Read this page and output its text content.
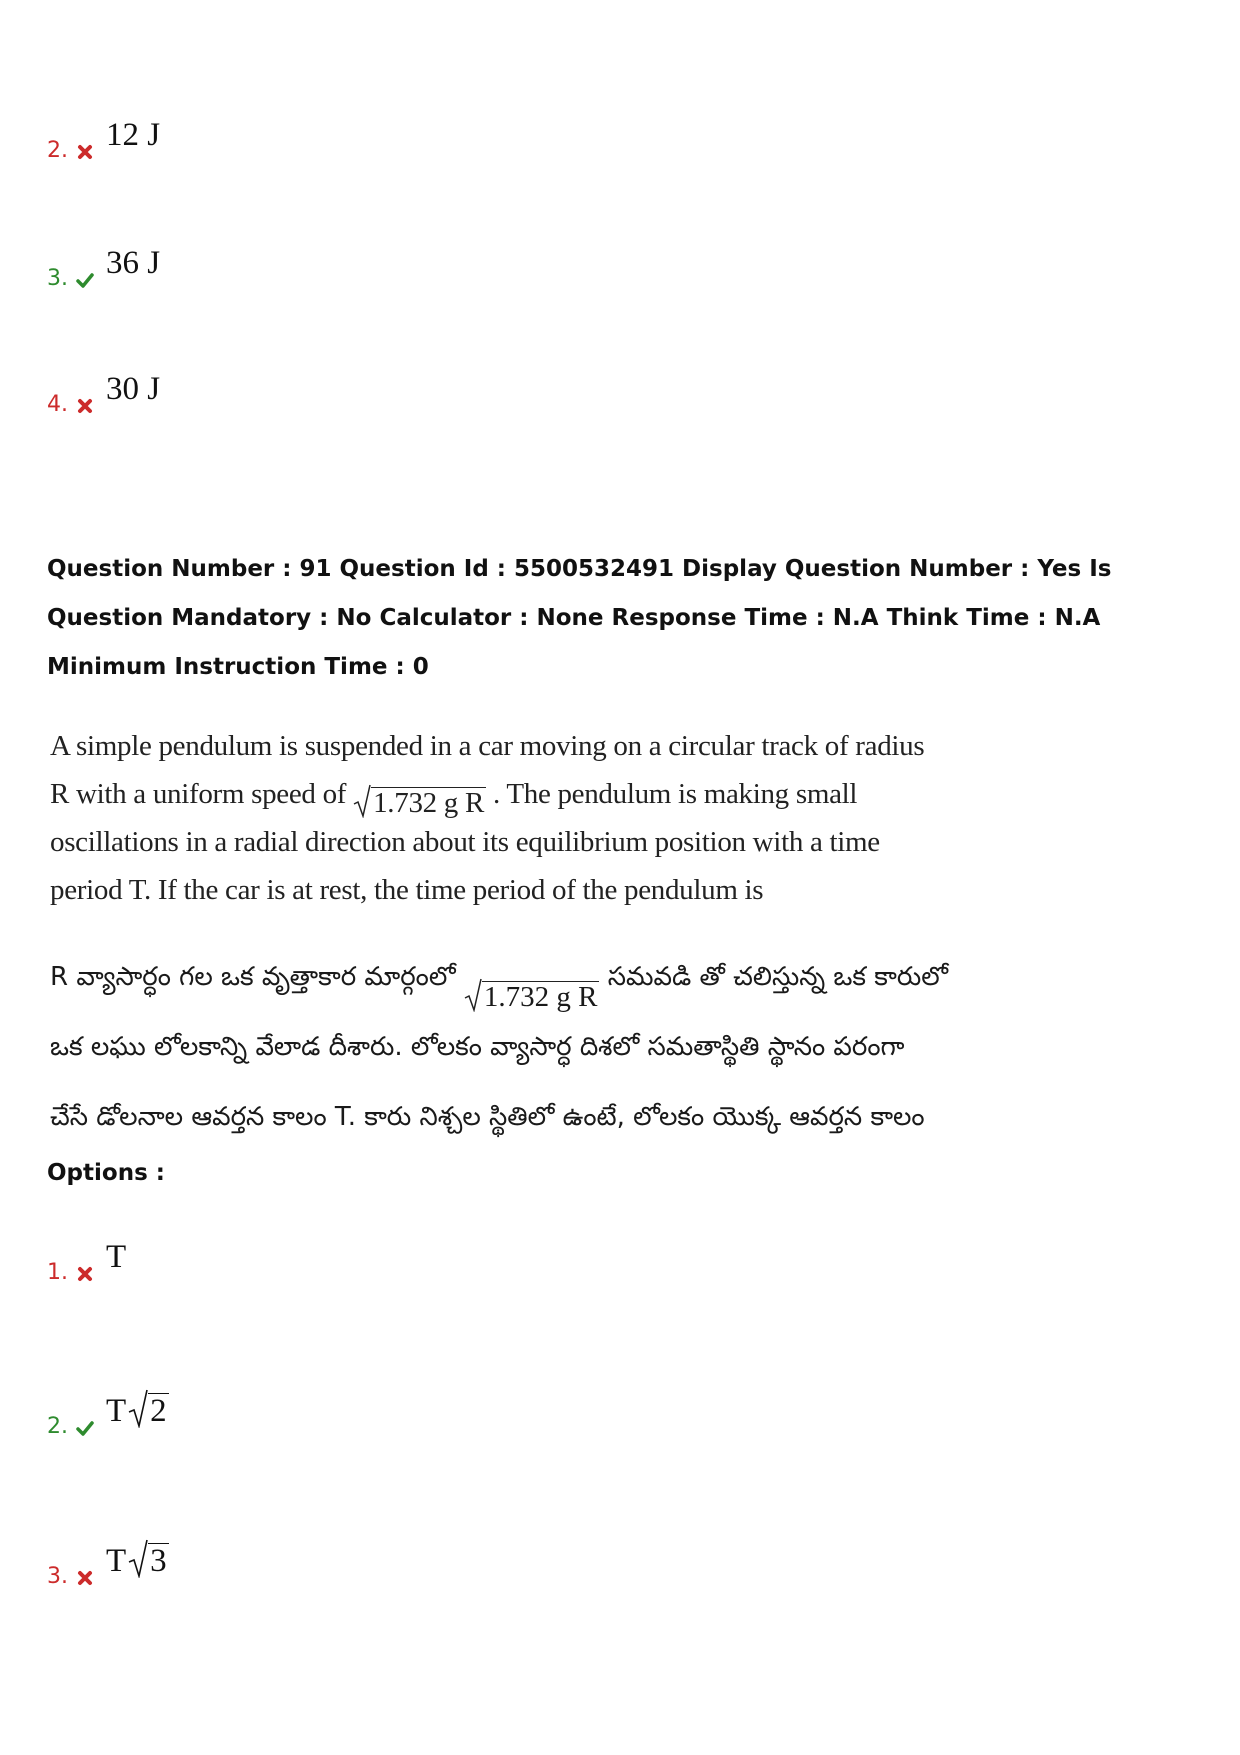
2. 12 J
3. 36 J
4. 30 J

Question Number : 91 Question Id : 5500532491 Display Question Number : Yes Is Question Mandatory : No Calculator : None Response Time : N.A Think Time : N.A Minimum Instruction Time : 0

A simple pendulum is suspended in a car moving on a circular track of radius R with a uniform speed of 1.732 g R . The pendulum is making small oscillations in a radial direction about its equilibrium position with a time period T. If the car is at rest, the time period of the pendulum is
R వ్యాసార్ధం గల ఒక వృత్తాకార మార్గంలో
1.732 g R
సమవడి తో చలిస్తున్న ఒక కారులో ఒక లఘు లోలకాన్ని వేలాడ దీశారు. లోలకం వ్యాసార్ధ దిశలో సమతాస్థితి స్థానం పరంగా చేసే డోలనాల ఆవర్తన కాలం T. కారు నిశ్చల స్థితిలో ఉంటే, లోలకం యొక్క ఆవర్తన కాలం

Options :

1. T
2. T 2
3. T 3
